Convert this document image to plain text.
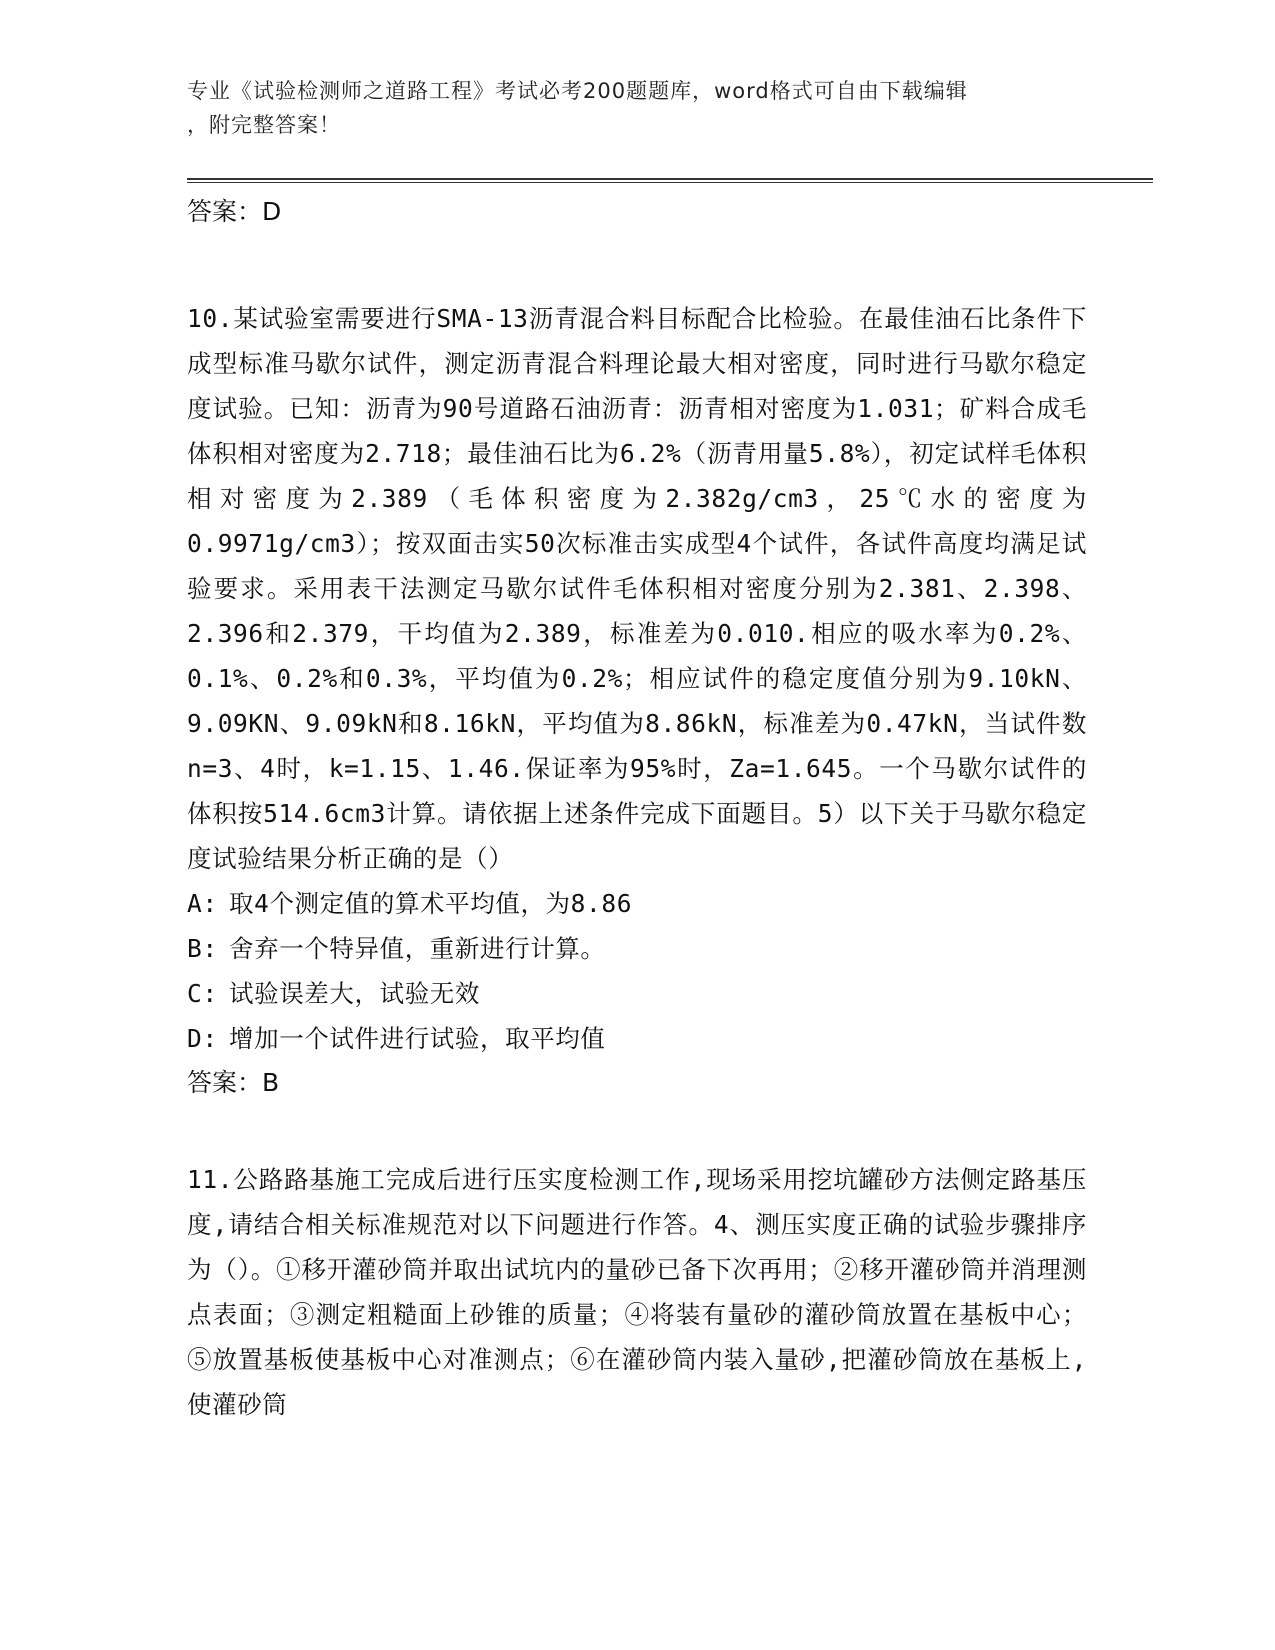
专业《试验检测师之道路工程》考试必考200题题库，word格式可自由下载编辑
，附完整答案！

答案：D

10.某试验室需要进行SMA-13沥青混合料目标配合比检验。在最佳油石比条件下成型标准马歇尔试件，测定沥青混合料理论最大相对密度，同时进行马歇尔稳定度试验。已知：沥青为90号道路石油沥青：沥青相对密度为1.031；矿料合成毛体积相对密度为2.718；最佳油石比为6.2%（沥青用量5.8%），初定试样毛体积相对密度为2.389（毛体积密度为2.382g/cm3，25℃水的密度为0.9971g/cm3）；按双面击实50次标准击实成型4个试件，各试件高度均满足试验要求。采用表干法测定马歇尔试件毛体积相对密度分别为2.381、2.398、2.396和2.379，干均值为2.389，标准差为0.010.相应的吸水率为0.2%、0.1%、0.2%和0.3%，平均值为0.2%；相应试件的稳定度值分别为9.10kN、9.09KN、9.09kN和8.16kN，平均值为8.86kN，标准差为0.47kN，当试件数n=3、4时，k=1.15、1.46.保证率为95%时，Za=1.645。一个马歇尔试件的体积按514.6cm3计算。请依据上述条件完成下面题目。5）以下关于马歇尔稳定度试验结果分析正确的是（）

A: 取4个测定值的算术平均值，为8.86

B: 舍弃一个特异值，重新进行计算。

C: 试验误差大，试验无效

D: 增加一个试件进行试验，取平均值

答案：B

11.公路路基施工完成后进行压实度检测工作,现场采用挖坑罐砂方法侧定路基压度,请结合相关标准规范对以下问题进行作答。4、测压实度正确的试验步骤排序为（）。①移开灌砂筒并取出试坑内的量砂已备下次再用；②移开灌砂筒并消理测点表面；③测定粗糙面上砂锥的质量；④将装有量砂的灌砂筒放置在基板中心；⑤放置基板使基板中心对准测点；⑥在灌砂筒内装入量砂,把灌砂筒放在基板上,使灌砂筒
